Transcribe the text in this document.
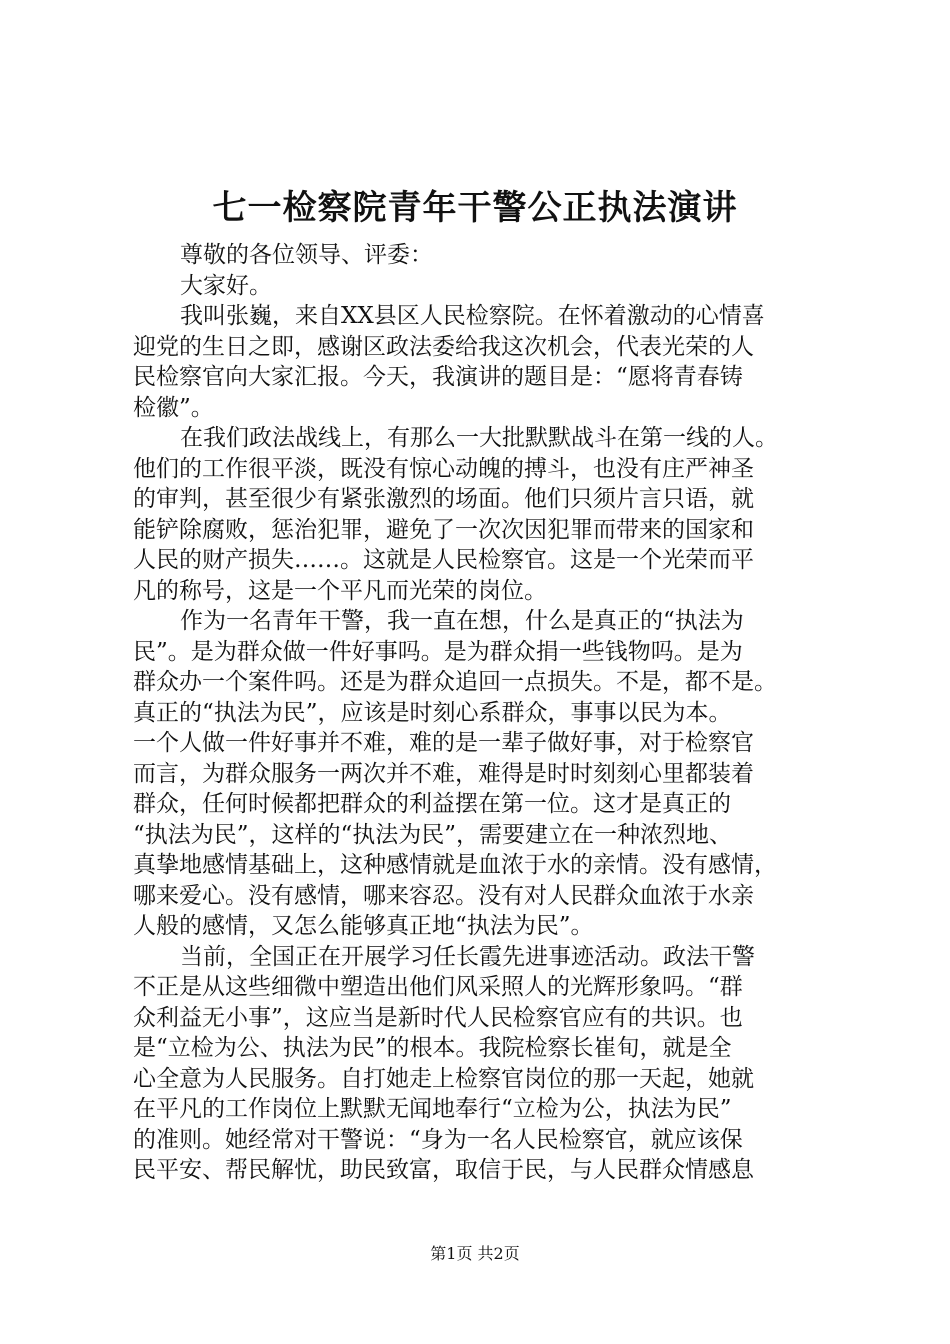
七一检察院青年干警公正执法演讲
尊敬的各位领导、评委：
大家好。
我叫张巍，来自XX县区人民检察院。在怀着激动的心情喜
迎党的生日之即，感谢区政法委给我这次机会，代表光荣的人
民检察官向大家汇报。今天，我演讲的题目是：“愿将青春铸
检徽”。
在我们政法战线上，有那么一大批默默战斗在第一线的人。
他们的工作很平淡，既没有惊心动魄的搏斗，也没有庄严神圣
的审判，甚至很少有紧张激烈的场面。他们只须片言只语，就
能铲除腐败，惩治犯罪，避免了一次次因犯罪而带来的国家和
人民的财产损失……。这就是人民检察官。这是一个光荣而平
凡的称号，这是一个平凡而光荣的岗位。
作为一名青年干警，我一直在想，什么是真正的“执法为
民”。是为群众做一件好事吗。是为群众捐一些钱物吗。是为
群众办一个案件吗。还是为群众追回一点损失。不是，都不是。
真正的“执法为民”，应该是时刻心系群众，事事以民为本。
一个人做一件好事并不难，难的是一辈子做好事，对于检察官
而言，为群众服务一两次并不难，难得是时时刻刻心里都装着
群众，任何时候都把群众的利益摆在第一位。这才是真正的
“执法为民”，这样的“执法为民”，需要建立在一种浓烈地、
真挚地感情基础上，这种感情就是血浓于水的亲情。没有感情，
哪来爱心。没有感情，哪来容忍。没有对人民群众血浓于水亲
人般的感情，又怎么能够真正地“执法为民”。
当前，全国正在开展学习任长霞先进事迹活动。政法干警
不正是从这些细微中塑造出他们风采照人的光辉形象吗。“群
众利益无小事”，这应当是新时代人民检察官应有的共识。也
是“立检为公、执法为民”的根本。我院检察长崔旬，就是全
心全意为人民服务。自打她走上检察官岗位的那一天起，她就
在平凡的工作岗位上默默无闻地奉行“立检为公，执法为民”
的准则。她经常对干警说：“身为一名人民检察官，就应该保
民平安、帮民解忧，助民致富，取信于民，与人民群众情感息
第1页 共2页
